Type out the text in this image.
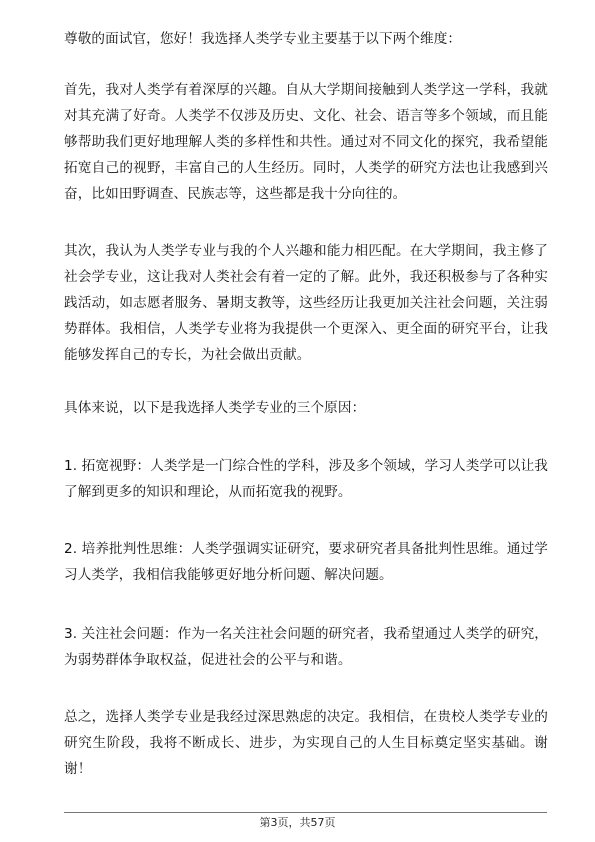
尊敬的面试官，您好！我选择人类学专业主要基于以下两个维度：

首先，我对人类学有着深厚的兴趣。自从大学期间接触到人类学这一学科，我就对其充满了好奇。人类学不仅涉及历史、文化、社会、语言等多个领域，而且能够帮助我们更好地理解人类的多样性和共性。通过对不同文化的探究，我希望能拓宽自己的视野，丰富自己的人生经历。同时，人类学的研究方法也让我感到兴奋，比如田野调查、民族志等，这些都是我十分向往的。

其次，我认为人类学专业与我的个人兴趣和能力相匹配。在大学期间，我主修了社会学专业，这让我对人类社会有着一定的了解。此外，我还积极参与了各种实践活动，如志愿者服务、暑期支教等，这些经历让我更加关注社会问题，关注弱势群体。我相信，人类学专业将为我提供一个更深入、更全面的研究平台，让我能够发挥自己的专长，为社会做出贡献。

具体来说，以下是我选择人类学专业的三个原因：

1. 拓宽视野：人类学是一门综合性的学科，涉及多个领域，学习人类学可以让我了解到更多的知识和理论，从而拓宽我的视野。

2. 培养批判性思维：人类学强调实证研究，要求研究者具备批判性思维。通过学习人类学，我相信我能够更好地分析问题、解决问题。

3. 关注社会问题：作为一名关注社会问题的研究者，我希望通过人类学的研究，为弱势群体争取权益，促进社会的公平与和谐。

总之，选择人类学专业是我经过深思熟虑的决定。我相信，在贵校人类学专业的研究生阶段，我将不断成长、进步，为实现自己的人生目标奠定坚实基础。谢谢！

第3页，共57页
